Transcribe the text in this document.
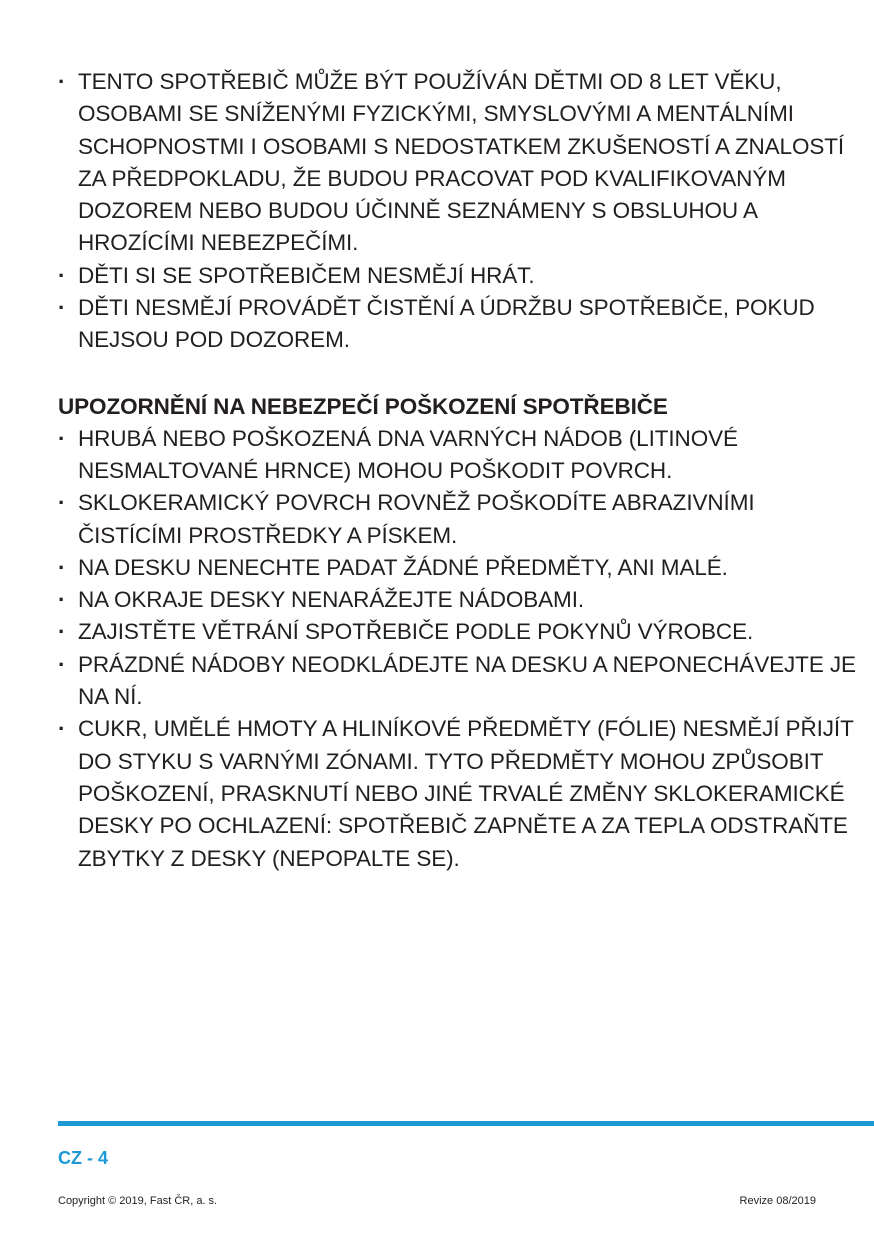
· TENTO SPOTŘEBIČ MŮŽE BÝT POUŽÍVÁN DĚTMI OD 8 LET VĚKU, OSOBAMI SE SNÍŽENÝMI FYZICKÝMI, SMYSLOVÝMI A MENTÁLNÍMI SCHOPNOSTMI I OSOBAMI S NEDOSTATKEM ZKUŠENOSTÍ A ZNALOSTÍ ZA PŘEDPOKLADU, ŽE BUDOU PRACOVAT POD KVALIFIKOVANÝM DOZOREM NEBO BUDOU ÚČINNĚ SEZNÁMENY S OBSLUHOU A HROZÍCÍMI NEBEZPEČÍMI.
· DĚTI SI SE SPOTŘEBIČEM NESMĚJÍ HRÁT.
· DĚTI NESMĚJÍ PROVÁDĚT ČISTĚNÍ A ÚDRŽBU SPOTŘEBIČE, POKUD NEJSOU POD DOZOREM.
UPOZORNĚNÍ NA NEBEZPEČÍ POŠKOZENÍ SPOTŘEBIČE
· HRUBÁ NEBO POŠKOZENÁ DNA VARNÝCH NÁDOB (LITINOVÉ NESMALTOVANÉ HRNCE) MOHOU POŠKODIT POVRCH.
· SKLOKERAMICKÝ POVRCH ROVNĚŽ POŠKODÍTE ABRAZIVNÍMI ČISTÍCÍMI PROSTŘEDKY A PÍSKEM.
· NA DESKU NENECHTE PADAT ŽÁDNÉ PŘEDMĚTY, ANI MALÉ.
· NA OKRAJE DESKY NENARÁŽEJTE NÁDOBAMI.
· ZAJISTĚTE VĚTRÁNÍ SPOTŘEBIČE PODLE POKYNŮ VÝROBCE.
· PRÁZDNÉ NÁDOBY NEODKLÁDEJTE NA DESKU A NEPONECHÁVEJTE JE NA NÍ.
· CUKR, UMĚLÉ HMOTY A HLINÍKOVÉ PŘEDMĚTY (FÓLIE) NESMĚJÍ PŘIJÍT DO STYKU S VARNÝMI ZÓNAMI. TYTO PŘEDMĚTY MOHOU ZPŮSOBIT POŠKOZENÍ, PRASKNUTÍ NEBO JINÉ TRVALÉ ZMĚNY SKLOKERAMICKÉ DESKY PO OCHLAZENÍ: SPOTŘEBIČ ZAPNĚTE A ZA TEPLA ODSTRAŇTE ZBYTKY Z DESKY (NEPOPALTE SE).
CZ - 4
Copyright © 2019, Fast ČR, a. s.	Revize 08/2019
